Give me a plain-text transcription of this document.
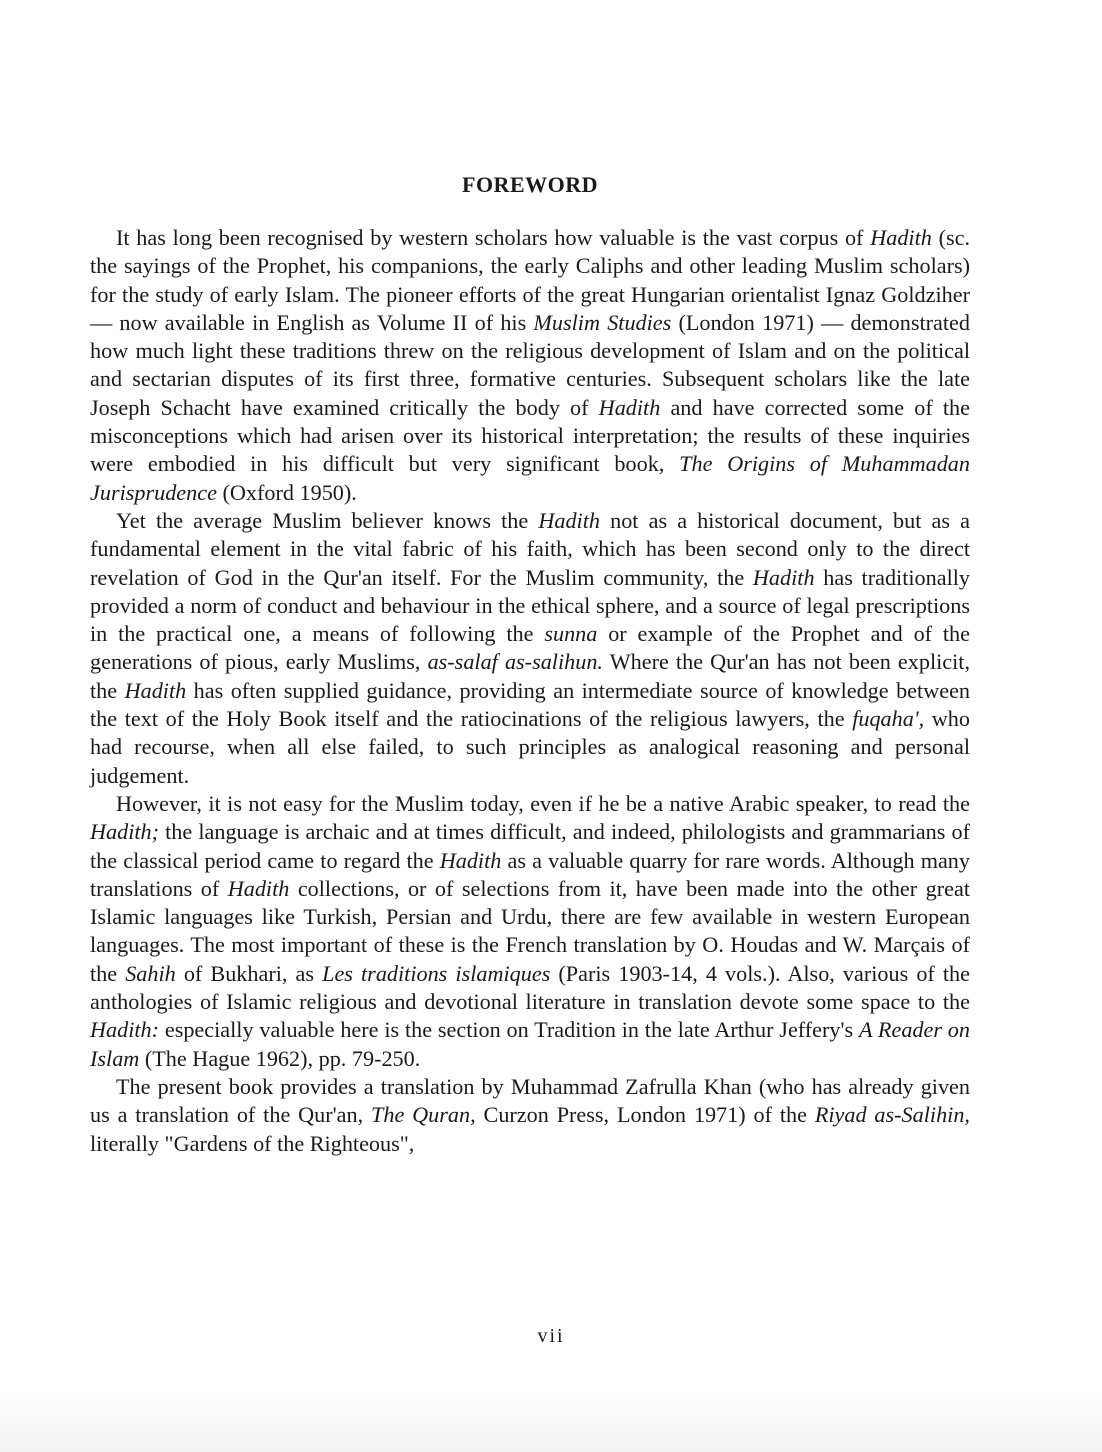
FOREWORD

It has long been recognised by western scholars how valuable is the vast corpus of Hadith (sc. the sayings of the Prophet, his companions, the early Caliphs and other leading Muslim scholars) for the study of early Islam. The pioneer efforts of the great Hungarian orientalist Ignaz Goldziher — now available in English as Volume II of his Muslim Studies (London 1971) — demonstrated how much light these traditions threw on the religious development of Islam and on the political and sectarian disputes of its first three, formative centuries. Subsequent scholars like the late Joseph Schacht have examined critically the body of Hadith and have corrected some of the misconceptions which had arisen over its historical interpretation; the results of these inquiries were embodied in his difficult but very significant book, The Origins of Muhammadan Jurisprudence (Oxford 1950).

Yet the average Muslim believer knows the Hadith not as a historical document, but as a fundamental element in the vital fabric of his faith, which has been second only to the direct revelation of God in the Qur'an itself. For the Muslim community, the Hadith has traditionally provided a norm of conduct and behaviour in the ethical sphere, and a source of legal prescriptions in the practical one, a means of following the sunna or example of the Prophet and of the generations of pious, early Muslims, as-salaf as-salihun. Where the Qur'an has not been explicit, the Hadith has often supplied guidance, providing an intermediate source of knowledge between the text of the Holy Book itself and the ratiocinations of the religious lawyers, the fuqaha', who had recourse, when all else failed, to such principles as analogical reasoning and personal judgement.

However, it is not easy for the Muslim today, even if he be a native Arabic speaker, to read the Hadith; the language is archaic and at times difficult, and indeed, philologists and grammarians of the classical period came to regard the Hadith as a valuable quarry for rare words. Although many translations of Hadith collections, or of selections from it, have been made into the other great Islamic languages like Turkish, Persian and Urdu, there are few available in western European languages. The most important of these is the French translation by O. Houdas and W. Marçais of the Sahih of Bukhari, as Les traditions islamiques (Paris 1903-14, 4 vols.). Also, various of the anthologies of Islamic religious and devotional literature in translation devote some space to the Hadith: especially valuable here is the section on Tradition in the late Arthur Jeffery's A Reader on Islam (The Hague 1962), pp. 79-250.

The present book provides a translation by Muhammad Zafrulla Khan (who has already given us a translation of the Qur'an, The Quran, Curzon Press, London 1971) of the Riyad as-Salihin, literally "Gardens of the Righteous",

vii
